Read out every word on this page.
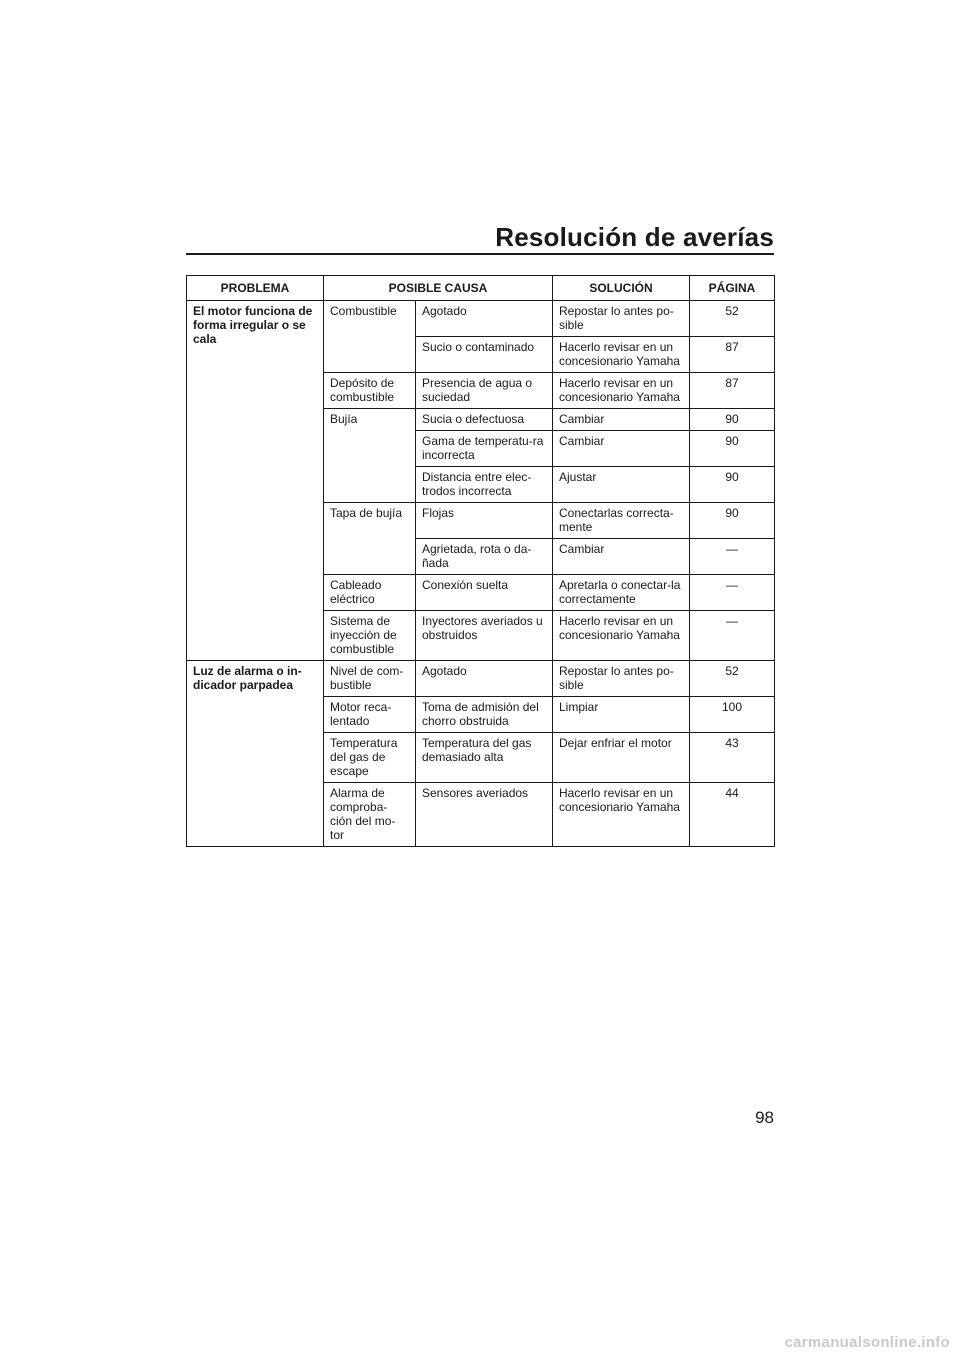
Resolución de averías
PROBLEMA	POSIBLE CAUSA		SOLUCIÓN	PÁGINA
El motor funciona de forma irregular o se cala	Combustible	Agotado	Repostar lo antes po-sible	52
		Sucio o contaminado	Hacerlo revisar en un concesionario Yamaha	87
	Depósito de combustible	Presencia de agua o suciedad	Hacerlo revisar en un concesionario Yamaha	87
	Bujía	Sucia o defectuosa	Cambiar	90
		Gama de temperatu-ra incorrecta	Cambiar	90
		Distancia entre elec-trodos incorrecta	Ajustar	90
	Tapa de bujía	Flojas	Conectarlas correcta-mente	90
		Agrietada, rota o da-ñada	Cambiar	—
	Cableado eléctrico	Conexión suelta	Apretarla o conectar-la correctamente	—
	Sistema de inyección de combustible	Inyectores averiados u obstruidos	Hacerlo revisar en un concesionario Yamaha	—
Luz de alarma o in-dicador parpadea	Nivel de com-bustible	Agotado	Repostar lo antes po-sible	52
	Motor reca-lentado	Toma de admisión del chorro obstruida	Limpiar	100
	Temperatura del gas de escape	Temperatura del gas demasiado alta	Dejar enfriar el motor	43
	Alarma de comproba-ción del mo-tor	Sensores averiados	Hacerlo revisar en un concesionario Yamaha	44
98
carmanualsonline.info
